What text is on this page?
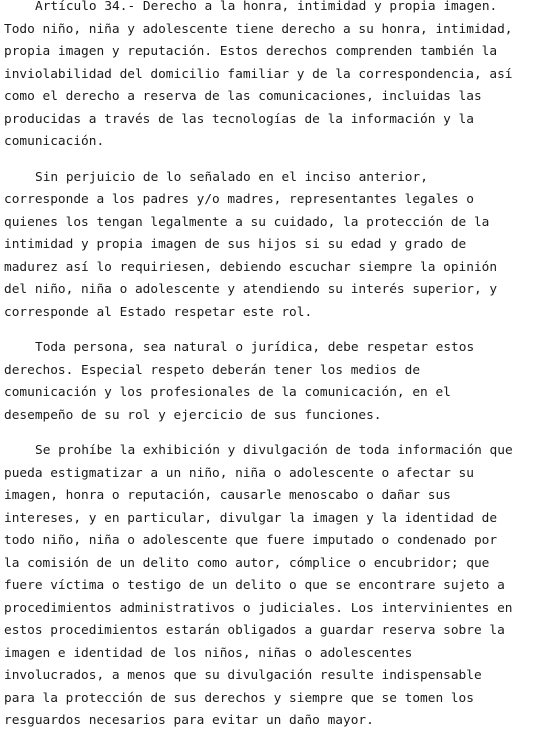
Artículo 34.- Derecho a la honra, intimidad y propia imagen.
Todo niño, niña y adolescente tiene derecho a su honra, intimidad,
propia imagen y reputación. Estos derechos comprenden también la
inviolabilidad del domicilio familiar y de la correspondencia, así
como el derecho a reserva de las comunicaciones, incluidas las
producidas a través de las tecnologías de la información y la
comunicación.

Sin perjuicio de lo señalado en el inciso anterior,
corresponde a los padres y/o madres, representantes legales o
quienes los tengan legalmente a su cuidado, la protección de la
intimidad y propia imagen de sus hijos si su edad y grado de
madurez así lo requiriesen, debiendo escuchar siempre la opinión
del niño, niña o adolescente y atendiendo su interés superior, y
corresponde al Estado respetar este rol.

Toda persona, sea natural o jurídica, debe respetar estos
derechos. Especial respeto deberán tener los medios de
comunicación y los profesionales de la comunicación, en el
desempeño de su rol y ejercicio de sus funciones.

Se prohíbe la exhibición y divulgación de toda información que
pueda estigmatizar a un niño, niña o adolescente o afectar su
imagen, honra o reputación, causarle menoscabo o dañar sus
intereses, y en particular, divulgar la imagen y la identidad de
todo niño, niña o adolescente que fuere imputado o condenado por
la comisión de un delito como autor, cómplice o encubridor; que
fuere víctima o testigo de un delito o que se encontrare sujeto a
procedimientos administrativos o judiciales. Los intervinientes en
estos procedimientos estarán obligados a guardar reserva sobre la
imagen e identidad de los niños, niñas o adolescentes
involucrados, a menos que su divulgación resulte indispensable
para la protección de sus derechos y siempre que se tomen los
resguardos necesarios para evitar un daño mayor.
